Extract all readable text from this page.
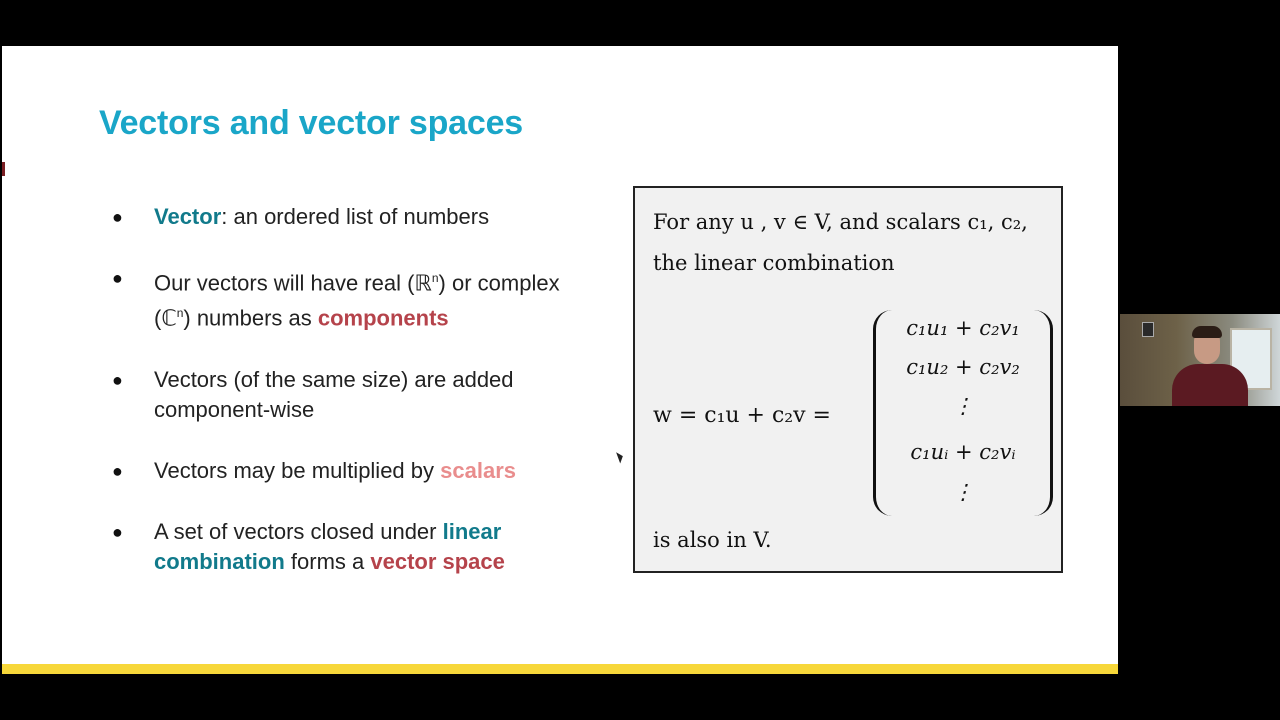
Vectors and vector spaces
● Vector: an ordered list of numbers
● Our vectors will have real (ℝ$^n$) or complex (ℂ$^n$) numbers as components
● Vectors (of the same size) are added component-wise
● Vectors may be multiplied by scalars
● A set of vectors closed under linear combination forms a vector space
For any u , v ∈ V, and scalars c₁, c₂,
the linear combination
w = c₁u + c₂v =
c₁u₁ + c₂v₁
c₁u₂ + c₂v₂
⋮
c₁uᵢ + c₂vᵢ
⋮
is also in V.
